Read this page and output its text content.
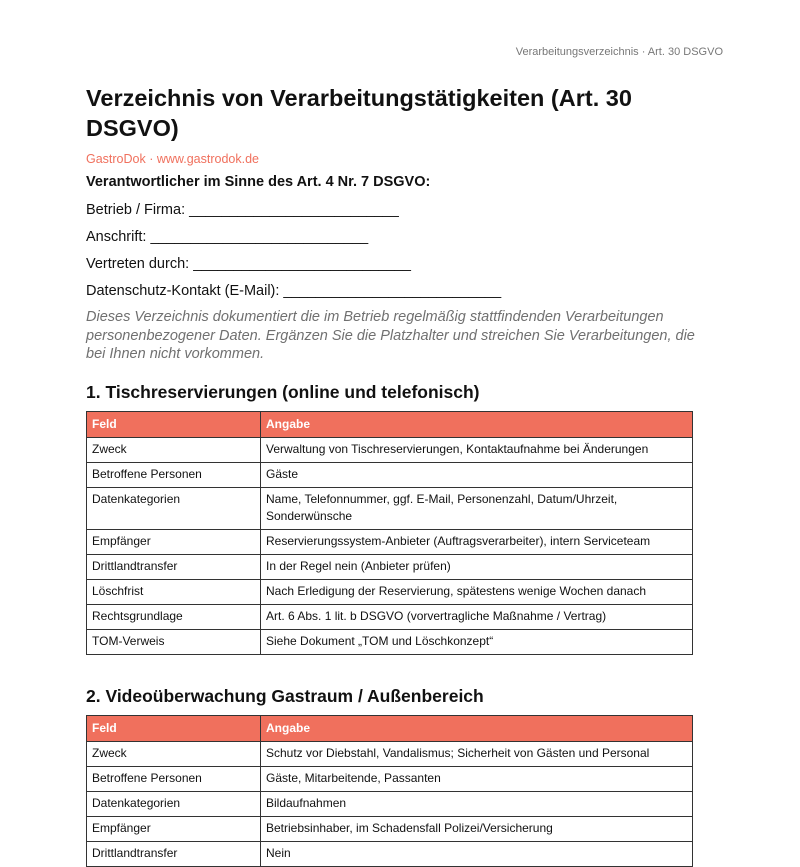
Verarbeitungsverzeichnis · Art. 30 DSGVO
Verzeichnis von Verarbeitungstätigkeiten (Art. 30 DSGVO)
GastroDok · www.gastrodok.de
Verantwortlicher im Sinne des Art. 4 Nr. 7 DSGVO:
Betrieb / Firma: __________________________
Anschrift: ___________________________
Vertreten durch: ___________________________
Datenschutz-Kontakt (E-Mail): ___________________________
Dieses Verzeichnis dokumentiert die im Betrieb regelmäßig stattfindenden Verarbeitungen personenbezogener Daten. Ergänzen Sie die Platzhalter und streichen Sie Verarbeitungen, die bei Ihnen nicht vorkommen.
1. Tischreservierungen (online und telefonisch)
Feld	Angabe
Zweck	Verwaltung von Tischreservierungen, Kontaktaufnahme bei Änderungen
Betroffene Personen	Gäste
Datenkategorien	Name, Telefonnummer, ggf. E-Mail, Personenzahl, Datum/Uhrzeit, Sonderwünsche
Empfänger	Reservierungssystem-Anbieter (Auftragsverarbeiter), intern Serviceteam
Drittlandtransfer	In der Regel nein (Anbieter prüfen)
Löschfrist	Nach Erledigung der Reservierung, spätestens wenige Wochen danach
Rechtsgrundlage	Art. 6 Abs. 1 lit. b DSGVO (vorvertragliche Maßnahme / Vertrag)
TOM-Verweis	Siehe Dokument „TOM und Löschkonzept“
2. Videoüberwachung Gastraum / Außenbereich
Feld	Angabe
Zweck	Schutz vor Diebstahl, Vandalismus; Sicherheit von Gästen und Personal
Betroffene Personen	Gäste, Mitarbeitende, Passanten
Datenkategorien	Bildaufnahmen
Empfänger	Betriebsinhaber, im Schadensfall Polizei/Versicherung
Drittlandtransfer	Nein
